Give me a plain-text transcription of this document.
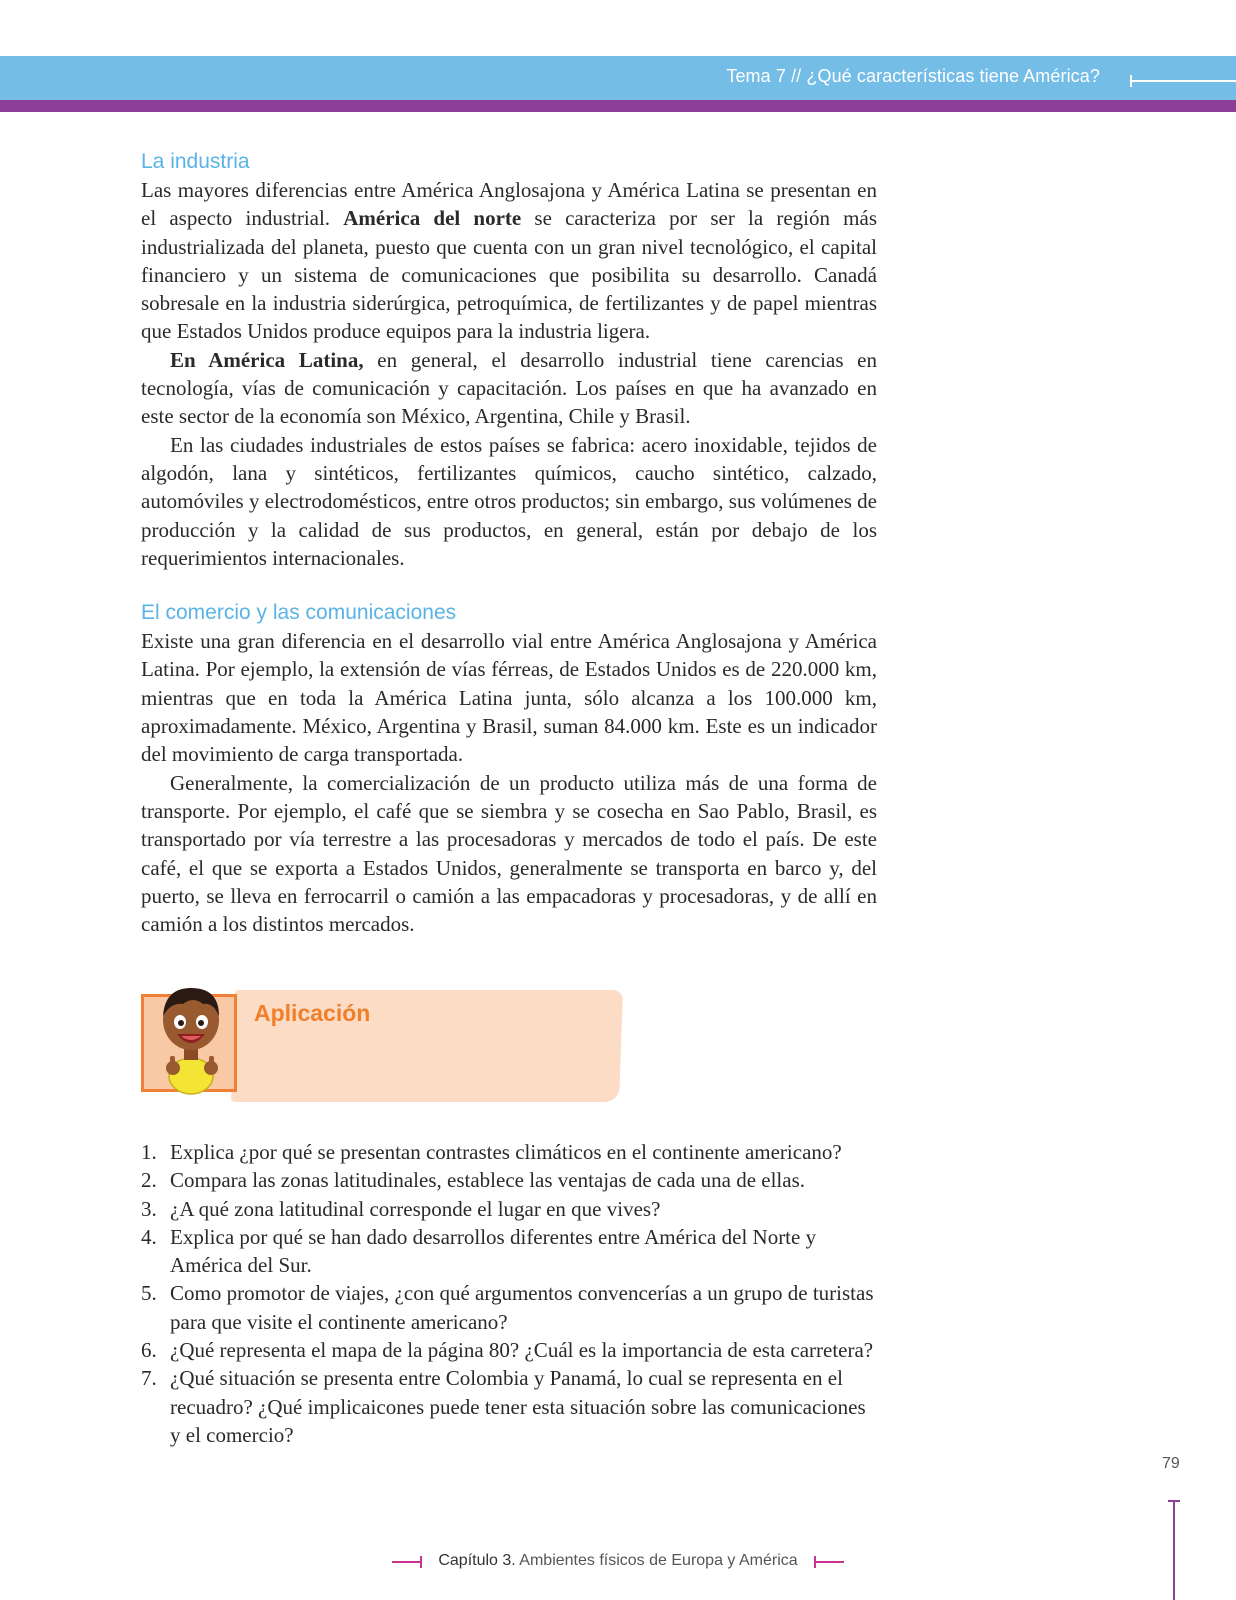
Tema 7 // ¿Qué características tiene América?
La industria

Las mayores diferencias entre América Anglosajona y América Latina se presentan en el aspecto industrial. América del norte se caracteriza por ser la región más industrializada del planeta, puesto que cuenta con un gran nivel tecnológico, el capital financiero y un sistema de comunicaciones que posibilita su desarrollo. Canadá sobresale en la industria siderúrgica, petroquímica, de fertilizantes y de papel mientras que Estados Unidos produce equipos para la industria ligera.

En América Latina, en general, el desarrollo industrial tiene carencias en tecnología, vías de comunicación y capacitación. Los países en que ha avanzado en este sector de la economía son México, Argentina, Chile y Brasil.

En las ciudades industriales de estos países se fabrica: acero inoxidable, tejidos de algodón, lana y sintéticos, fertilizantes químicos, caucho sintético, calzado, automóviles y electrodomésticos, entre otros productos; sin embargo, sus volúmenes de producción y la calidad de sus productos, en general, están por debajo de los requerimientos internacionales.

El comercio y las comunicaciones

Existe una gran diferencia en el desarrollo vial entre América Anglosajona y América Latina. Por ejemplo, la extensión de vías férreas, de Estados Unidos es de 220.000 km, mientras que en toda la América Latina junta, sólo alcanza a los 100.000 km, aproximadamente. México, Argentina y Brasil, suman 84.000 km. Este es un indicador del movimiento de carga transportada.

Generalmente, la comercialización de un producto utiliza más de una forma de transporte. Por ejemplo, el café que se siembra y se cosecha en Sao Pablo, Brasil, es transportado por vía terrestre a las procesadoras y mercados de todo el país. De este café, el que se exporta a Estados Unidos, generalmente se transporta en barco y, del puerto, se lleva en ferrocarril o camión a las empacadoras y procesadoras, y de allí en camión a los distintos mercados.

Aplicación
1. Explica ¿por qué se presentan contrastes climáticos en el continente americano?
2. Compara las zonas latitudinales, establece las ventajas de cada una de ellas.
3. ¿A qué zona latitudinal corresponde el lugar en que vives?
4. Explica por qué se han dado desarrollos diferentes entre América del Norte y América del Sur.
5. Como promotor de viajes, ¿con qué argumentos convencerías a un grupo de turistas para que visite el continente americano?
6. ¿Qué representa el mapa de la página 80? ¿Cuál es la importancia de esta carretera?
7. ¿Qué situación se presenta entre Colombia y Panamá, lo cual se representa en el recuadro? ¿Qué implicaicones puede tener esta situación sobre las comunicaciones y el comercio?
79
Capítulo 3. Ambientes físicos de Europa y América
